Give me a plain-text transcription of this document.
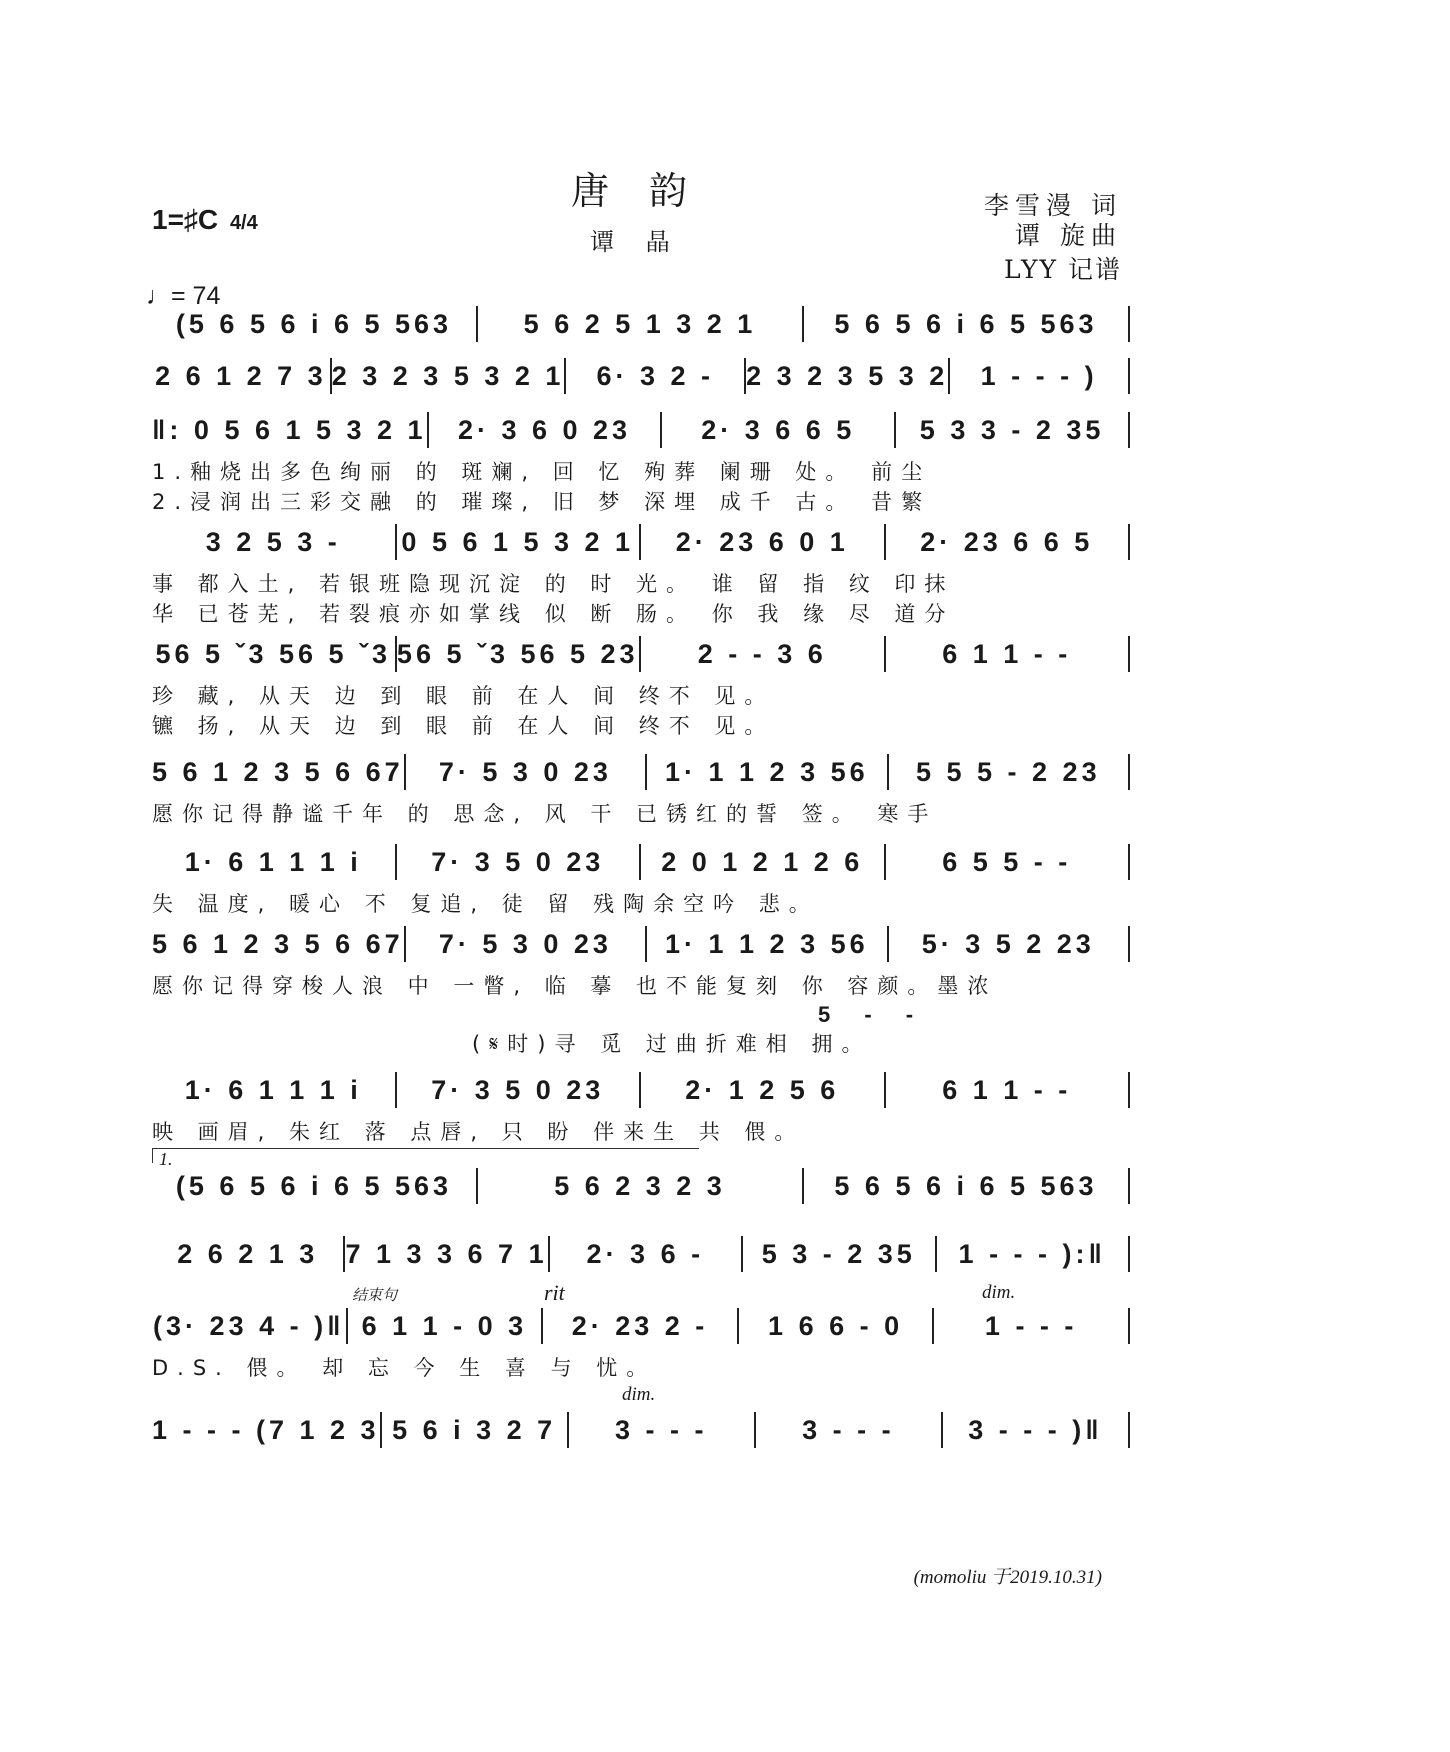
唐 韵
谭 晶
1=♯C 4/4
♩= 74
李雪漫 词
谭 旋曲
LYY 记谱
(5 6 5 6 i 6 5 563	5 6 2 5 1 3 2 1	5 6 5 6 i 6 5 563
2 6 1 2 7 3 2 3 2 3 5 3 2 1	6· 3 2 -	2 3 2 3 5 3 2	1 - - - )
‖: 0 5 6 1 5 3 2 1	2· 3 6 0 23	2· 3 6 6 5	5 3 3 - 2 35
1.釉烧出多色绚丽 的 斑斓, 回 忆 殉葬 阑珊 处。 前尘
2.浸润出三彩交融 的 璀璨, 旧 梦 深埋 成千 古。 昔繁
3 2 5 3 -	0 5 6 1 5 3 2 1	2· 23 6 0 1	2· 23 6 6 5
事 都入土, 若银班隐现沉淀 的 时 光。 谁 留 指 纹 印抹
华 已苍芜, 若裂痕亦如掌线 似 断 肠。 你 我 缘 尽 道分
56 5 ˇ3 56 5 ˇ3 56 5 ˇ3 56 5 23	2 - - 3 6	6 1 1 - -
珍 藏, 从天 边 到 眼 前 在人 间 终不 见。
镳 扬, 从天 边 到 眼 前 在人 间 终不 见。
5 6 1 2 3 5 6 67	7· 5 3 0 23	1· 1 1 2 3 56	5 5 5 - 2 23
愿你记得静谧千年 的 思念, 风 干 已锈红的誓 签。 寒手
1· 6 1 1 1 i	7· 3 5 0 23	2 0 1 2 1 2 6	6 5 5 - -
失 温度, 暖心 不 复追, 徒 留 残陶余空吟 悲。
5 6 1 2 3 5 6 67	7· 5 3 0 23	1· 1 1 2 3 56	5· 3 5 2 23
5 - -
愿你记得穿梭人浪 中 一瞥, 临 摹 也不能复刻 你 容颜。墨浓
(𝄋时)寻 觅 过曲折难相 拥。
1· 6 1 1 1 i	7· 3 5 0 23	2· 1 2 5 6	6 1 1 - -
映 画眉, 朱红 落 点唇, 只 盼 伴来生 共 偎。
(5 6 5 6 i 6 5 563	5 6 2 3 2 3	5 6 5 6 i 6 5 563
1.
2 6 2 1 3	7 1 3 3 6 7 1	2· 3 6 -	5 3 - 2 35	1 - - - ):‖
(3· 23 4 - )‖ 6 1 1 - 0 3	2· 23 2 -	1 6 6 - 0	1 - - -
结束句	rit	dim.
D.S. 偎。 却 忘 今 生 喜 与 忧。
1 - - - (7 1 2 3 5 6 i 3 2 7	3 - - -	3 - - -	3 - - - )‖
dim.
(momoliu 于2019.10.31)
